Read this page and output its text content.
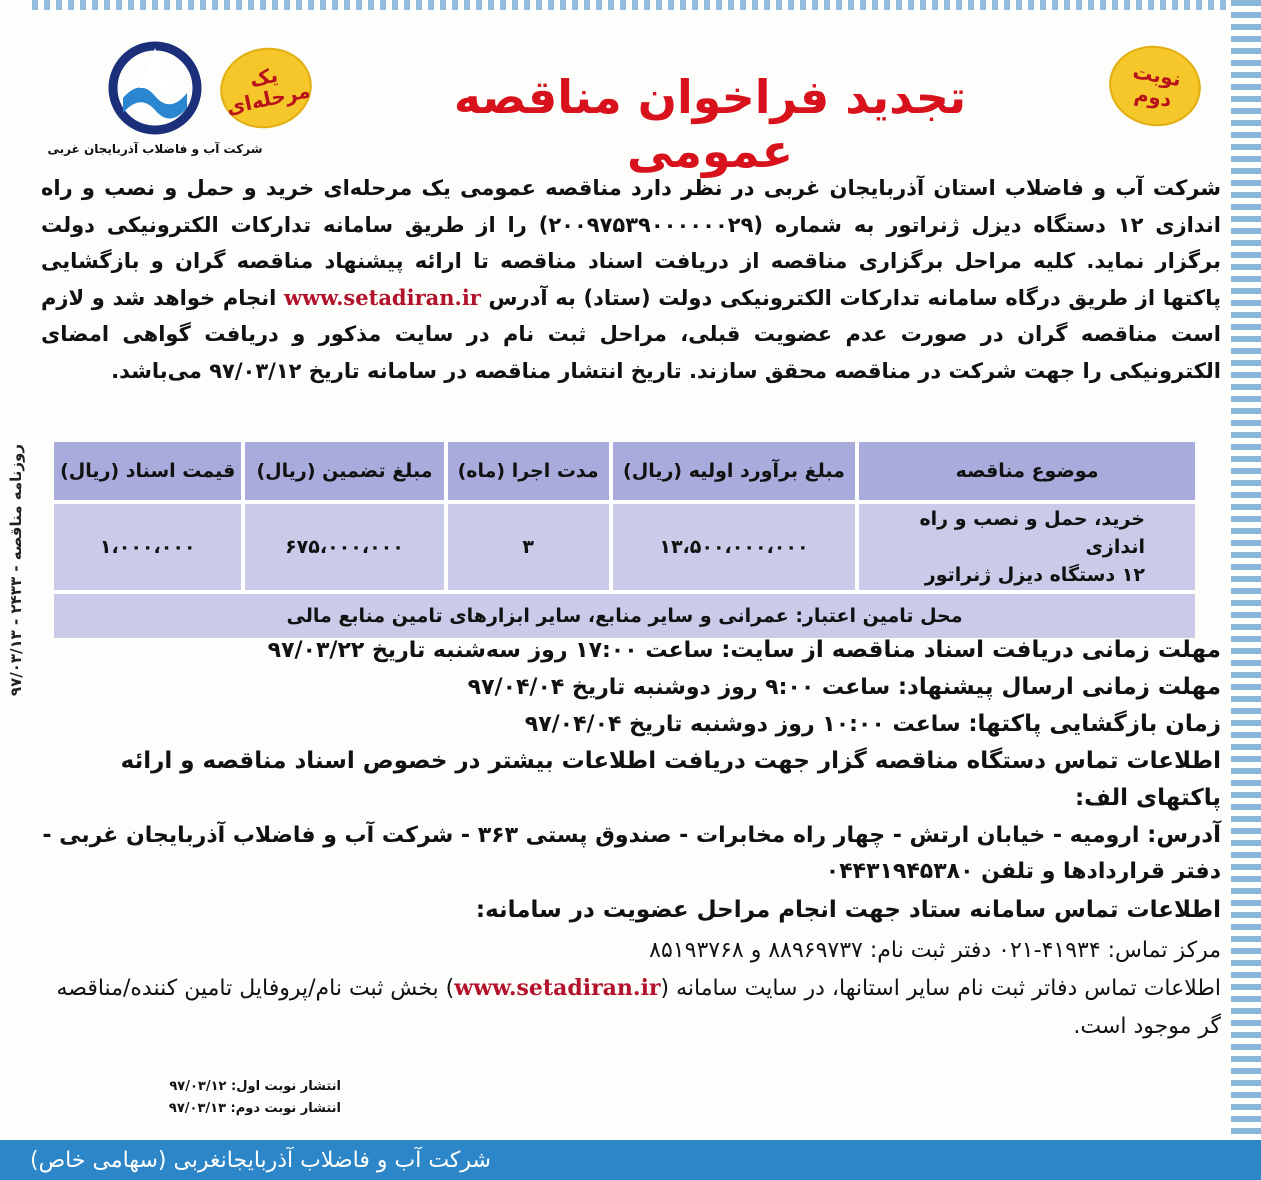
روزنامه مناقصه - ۲۴۳۳ - ۹۷/۰۳/۱۳
شرکت آب و فاضلاب آذربایجان غربی
یک مرحله‌ای	تجدید فراخوان مناقصه عمومی
نوبت دوم
شرکت آب و فاضلاب استان آذربایجان غربی در نظر دارد مناقصه عمومی یک مرحله‌ای خرید و حمل و نصب و راه اندازی ۱۲ دستگاه دیزل ژنراتور به شماره (۲۰۰۹۷۵۳۹۰۰۰۰۰۰۲۹) را از طریق سامانه تدارکات الکترونیکی دولت برگزار نماید. کلیه مراحل برگزاری مناقصه از دریافت اسناد مناقصه تا ارائه پیشنهاد مناقصه گران و بازگشایی پاکتها از طریق درگاه سامانه تدارکات الکترونیکی دولت (ستاد) به آدرس www.setadiran.ir انجام خواهد شد و لازم است مناقصه گران در صورت عدم عضویت قبلی، مراحل ثبت نام در سایت مذکور و دریافت گواهی امضای الکترونیکی را جهت شرکت در مناقصه محقق سازند. تاریخ انتشار مناقصه در سامانه تاریخ ۹۷/۰۳/۱۲ می‌باشد.
موضوع مناقصه	مبلغ برآورد اولیه (ریال)	مدت اجرا (ماه)	مبلغ تضمین (ریال)	قیمت اسناد (ریال)

خرید، حمل و نصب و راه اندازی
۱۲ دستگاه دیزل ژنراتور	۱۳،۵۰۰،۰۰۰،۰۰۰	۳	۶۷۵،۰۰۰،۰۰۰	۱،۰۰۰،۰۰۰
محل تامین اعتبار: عمرانی و سایر منابع، سایر ابزارهای تامین منابع مالی				

مهلت زمانی دریافت اسناد مناقصه از سایت: ساعت ۱۷:۰۰ روز سه‌شنبه تاریخ ۹۷/۰۳/۲۲

مهلت زمانی ارسال پیشنهاد: ساعت ۹:۰۰ روز دوشنبه تاریخ ۹۷/۰۴/۰۴

زمان بازگشایی پاکتها: ساعت ۱۰:۰۰ روز دوشنبه تاریخ ۹۷/۰۴/۰۴

اطلاعات تماس دستگاه مناقصه گزار جهت دریافت اطلاعات بیشتر در خصوص اسناد مناقصه و ارائه پاکتهای الف:

آدرس: ارومیه - خیابان ارتش - چهار راه مخابرات - صندوق پستی ۳۶۳ - شرکت آب و فاضلاب آذربایجان غربی - دفتر قراردادها و تلفن ۰۴۴۳۱۹۴۵۳۸۰

اطلاعات تماس سامانه ستاد جهت انجام مراحل عضویت در سامانه:

مرکز تماس: ۴۱۹۳۴-۰۲۱ دفتر ثبت نام: ۸۸۹۶۹۷۳۷ و ۸۵۱۹۳۷۶۸

اطلاعات تماس دفاتر ثبت نام سایر استانها، در سایت سامانه (www.setadiran.ir) بخش ثبت نام/پروفایل تامین کننده/مناقصه گر موجود است.

انتشار نوبت اول: ۹۷/۰۳/۱۲
انتشار نوبت دوم: ۹۷/۰۳/۱۳
شرکت آب و فاضلاب آذربایجانغربی (سهامی خاص)
